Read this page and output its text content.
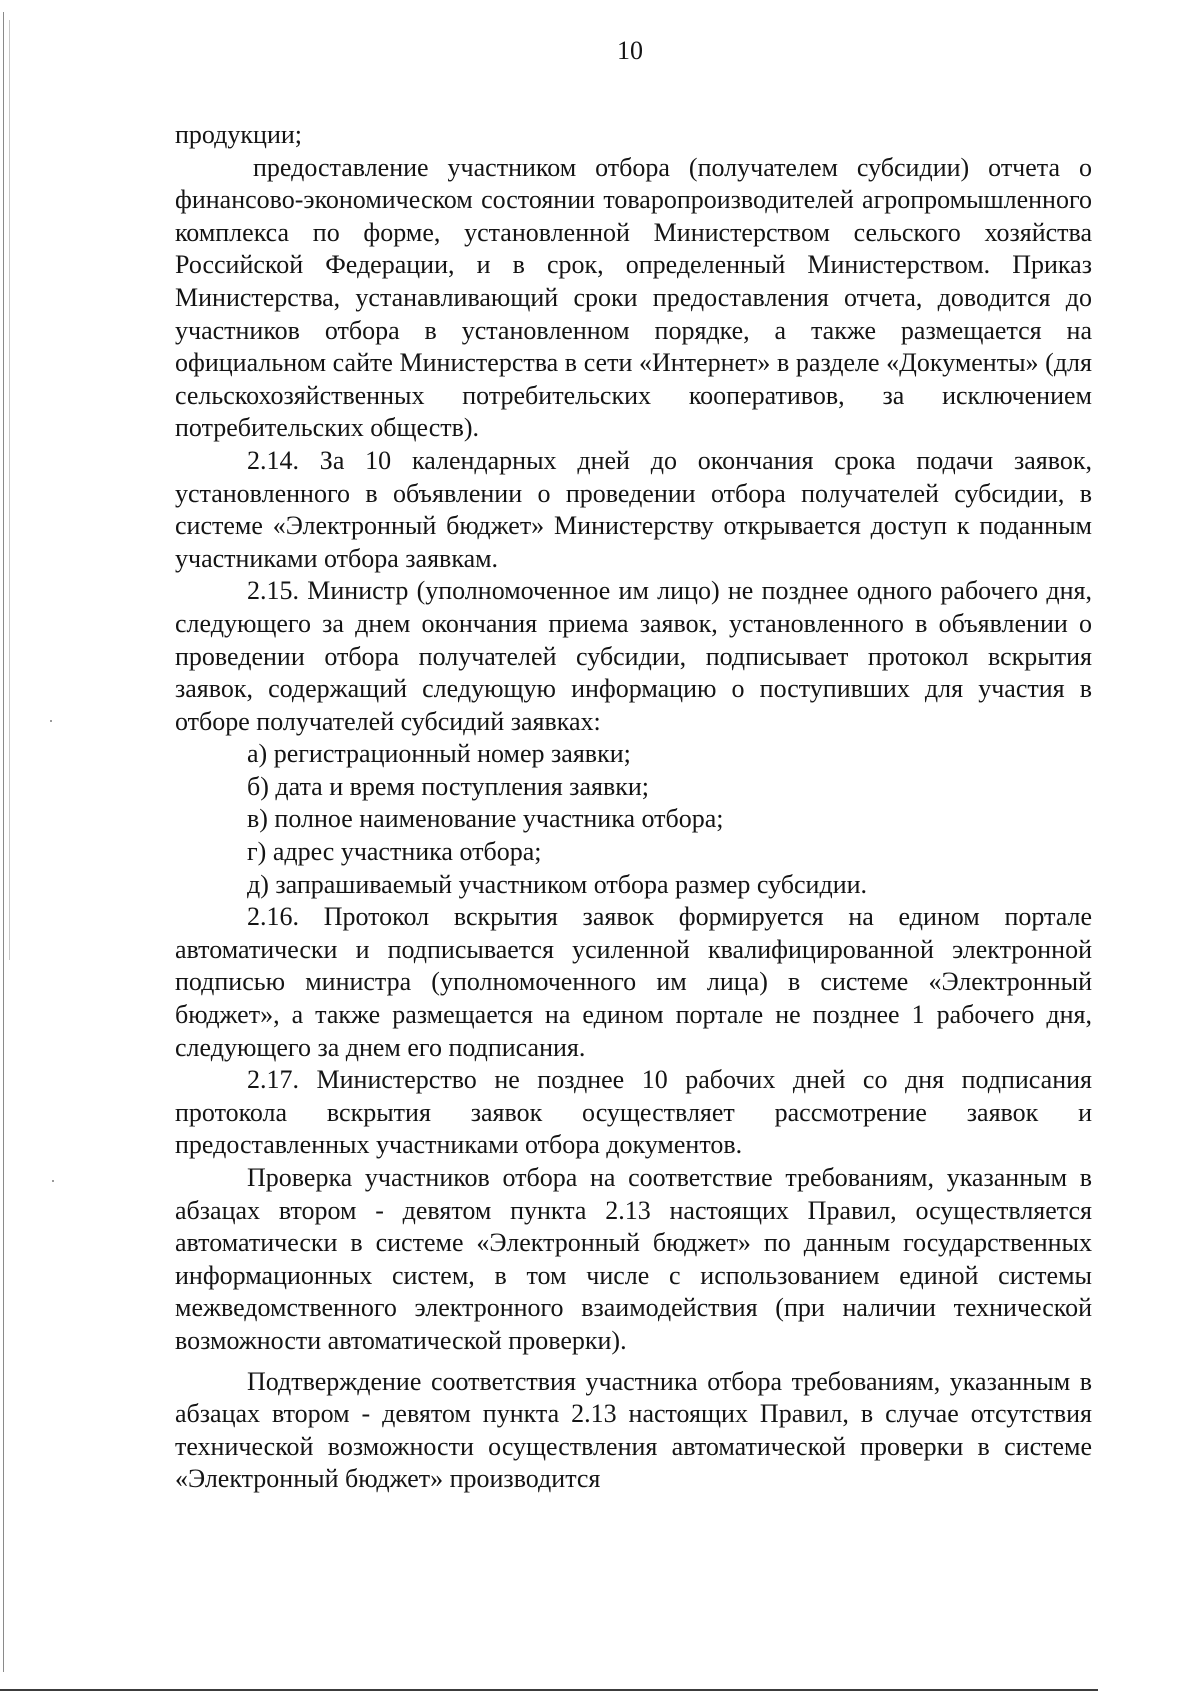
10

продукции;

предоставление участником отбора (получателем субсидии) отчета о финансово-экономическом состоянии товаропроизводителей агропромышленного комплекса по форме, установленной Министерством сельского хозяйства Российской Федерации, и в срок, определенный Министерством. Приказ Министерства, устанавливающий сроки предоставления отчета, доводится до участников отбора в установленном порядке, а также размещается на официальном сайте Министерства в сети «Интернет» в разделе «Документы» (для сельскохозяйственных потребительских кооперативов, за исключением потребительских обществ).

2.14. За 10 календарных дней до окончания срока подачи заявок, установленного в объявлении о проведении отбора получателей субсидии, в системе «Электронный бюджет» Министерству открывается доступ к поданным участниками отбора заявкам.

2.15. Министр (уполномоченное им лицо) не позднее одного рабочего дня, следующего за днем окончания приема заявок, установленного в объявлении о проведении отбора получателей субсидии, подписывает протокол вскрытия заявок, содержащий следующую информацию о поступивших для участия в отборе получателей субсидий заявках:

а) регистрационный номер заявки;

б) дата и время поступления заявки;

в) полное наименование участника отбора;

г) адрес участника отбора;

д) запрашиваемый участником отбора размер субсидии.

2.16. Протокол вскрытия заявок формируется на едином портале автоматически и подписывается усиленной квалифицированной электронной подписью министра (уполномоченного им лица) в системе «Электронный бюджет», а также размещается на едином портале не позднее 1 рабочего дня, следующего за днем его подписания.

2.17. Министерство не позднее 10 рабочих дней со дня подписания протокола вскрытия заявок осуществляет рассмотрение заявок и предоставленных участниками отбора документов.

Проверка участников отбора на соответствие требованиям, указанным в абзацах втором - девятом пункта 2.13 настоящих Правил, осуществляется автоматически в системе «Электронный бюджет» по данным государственных информационных систем, в том числе с использованием единой системы межведомственного электронного взаимодействия (при наличии технической возможности автоматической проверки).

Подтверждение соответствия участника отбора требованиям, указанным в абзацах втором - девятом пункта 2.13 настоящих Правил, в случае отсутствия технической возможности осуществления автоматической проверки в системе «Электронный бюджет» производится
